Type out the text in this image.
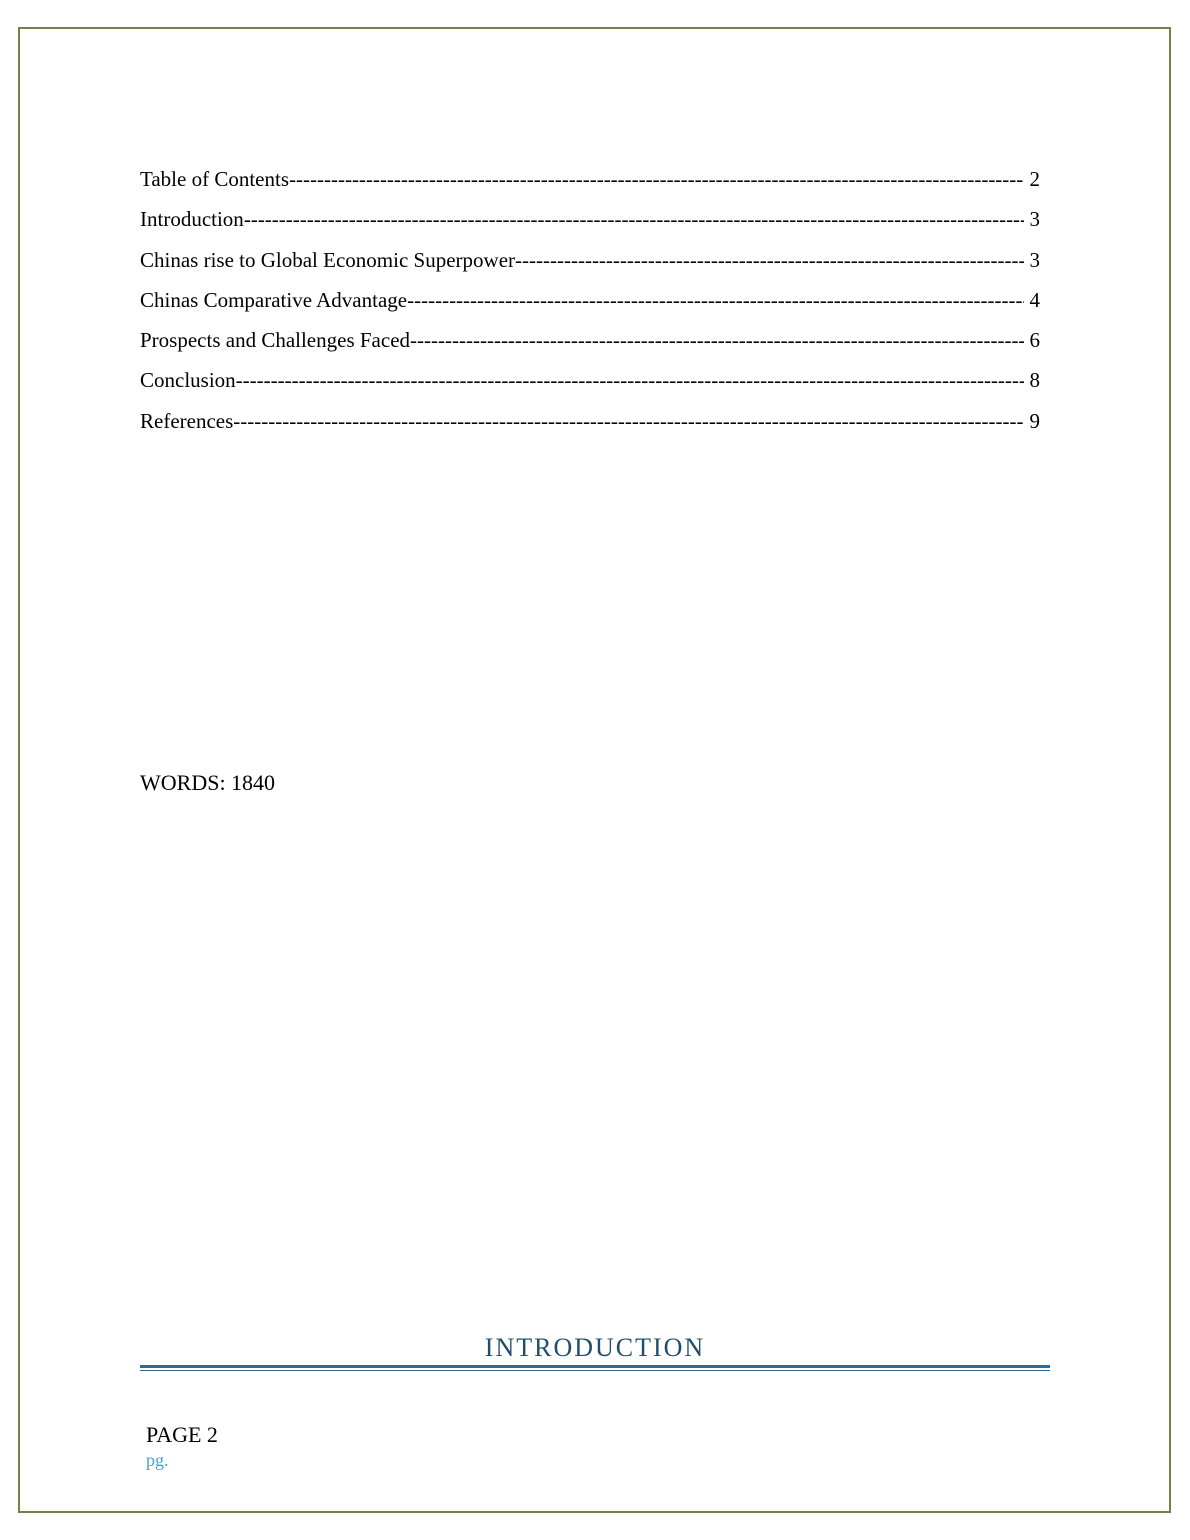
Table of Contents -----	2
Introduction -----	3
Chinas rise to Global Economic Superpower -----	3
Chinas Comparative Advantage -----	4
Prospects and Challenges Faced -----	6
Conclusion -----	8
References -----	9
WORDS: 1840
INTRODUCTION
PAGE 2
pg.
